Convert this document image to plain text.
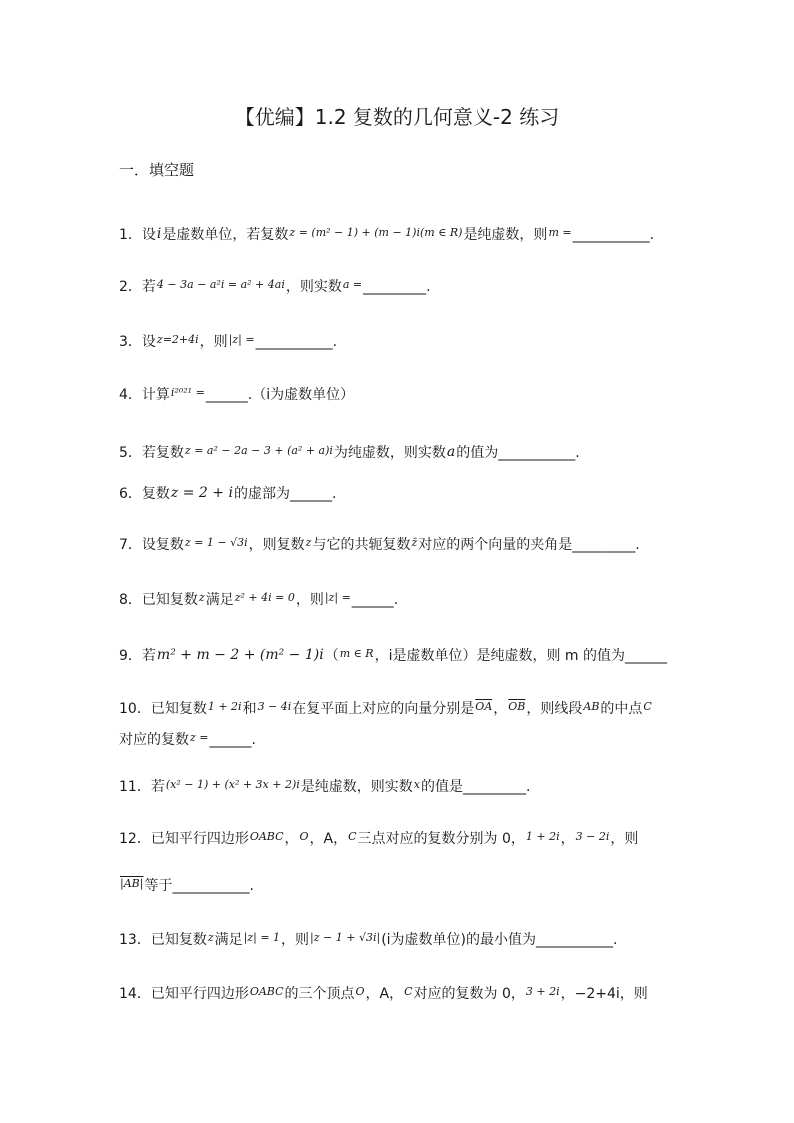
【优编】1.2 复数的几何意义-2 练习
一．填空题
1．设i是虚数单位，若复数$^{z = (m^2 - 1) + (m - 1)i(m \in R)}$是纯虚数，则$^{m =}$___________.
2．若$^{4 - 3a - a^2i = a^2 + 4ai}$，则实数$^{a =}$_________.
3．设$^{z=2+4i}$，则$^{|z| =}$___________.
4．计算$^{i^{2021} =}$______.（i为虚数单位）
5．若复数$^{z = a^2 - 2a - 3 + (a^2 + a)i}$为纯虚数，则实数a的值为___________.
6．复数z = 2 + i的虚部为______.
7．设复数$^{z = 1 - √3i}$，则复数$^z$与它的共轭复数$^{z̄}$对应的两个向量的夹角是_________.
8．已知复数$^z$满足$^{z^2 + 4i = 0}$，则$^{|z| =}$______.
9．若m² + m − 2 + (m² − 1)i（$^{m \in R}$，i是虚数单位）是纯虚数，则 m 的值为______
10．已知复数$^{1 + 2i}$和$^{3 - 4i}$在复平面上对应的向量分别是$^{\overline{OA}}$，$^{\overline{OB}}$，则线段$^{AB}$的中点$^C$
对应的复数$^{z =}$______.
11．若$^{(x^2 - 1) + (x^2 + 3x + 2)i}$是纯虚数，则实数$^x$的值是_________.
12．已知平行四边形$^{OABC}$，$^O$，A，$^C$三点对应的复数分别为 0，$^{1 + 2i}$，$^{3 - 2i}$，则
$^{|AB|}$等于___________.
13．已知复数$^z$满足$^{|z| = 1}$，则$^{|z - 1 + √3i|}$(i为虚数单位)的最小值为___________.
14．已知平行四边形$^{OABC}$的三个顶点$^O$，A，$^C$对应的复数为 0，$^{3 + 2i}$，−2+4i，则
